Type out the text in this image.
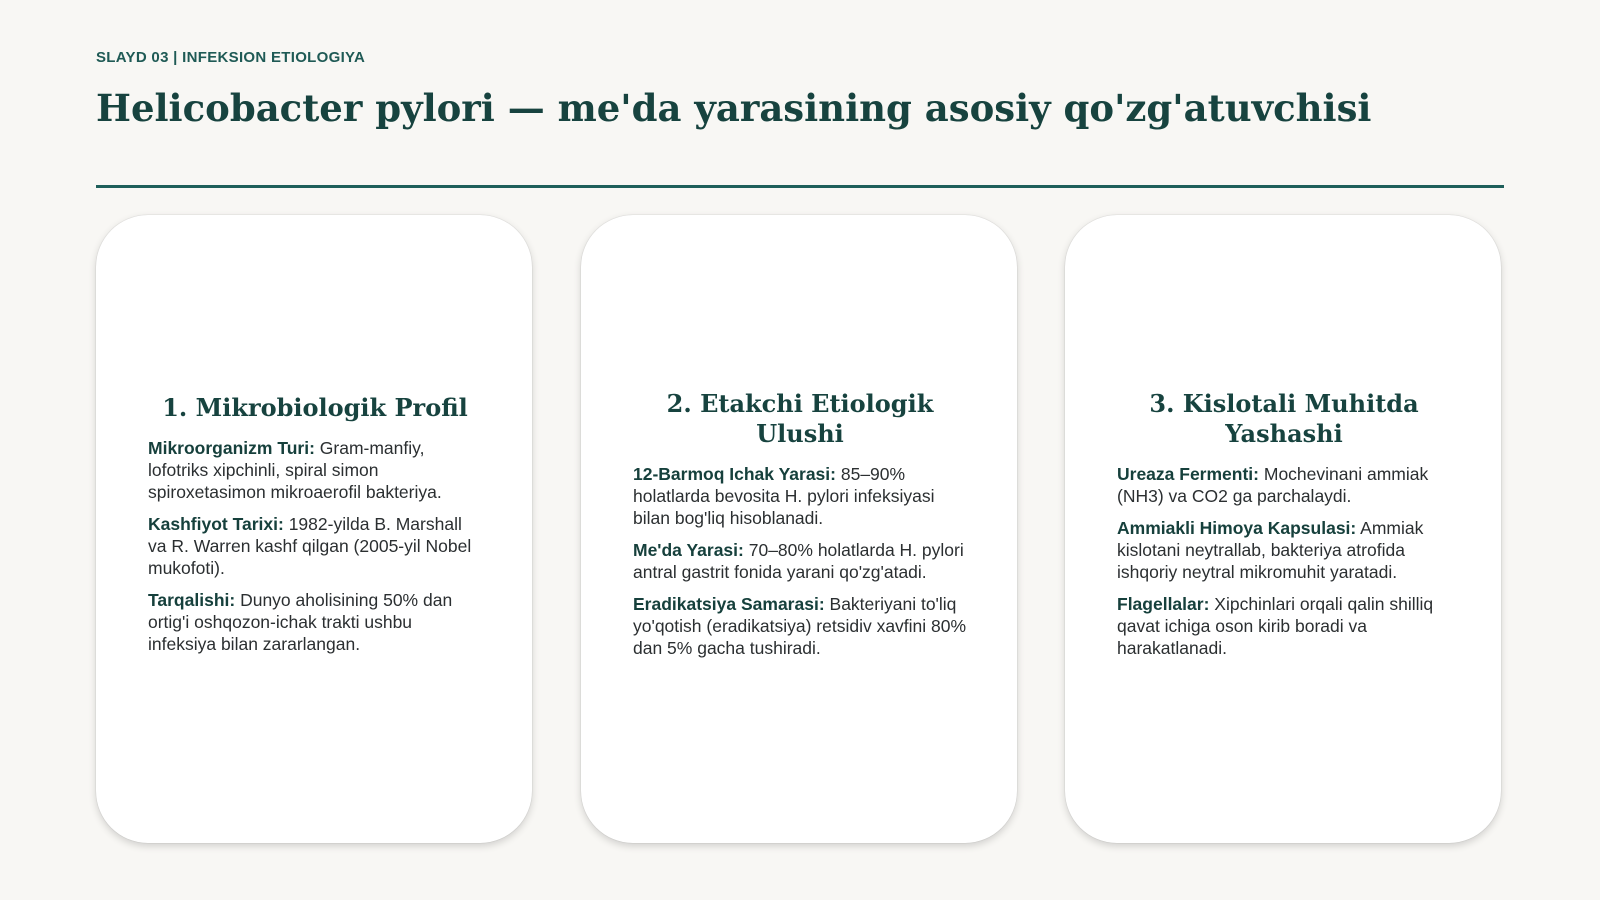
SLAYD 03 | INFEKSION ETIOLOGIYA
Helicobacter pylori — me'da yarasining asosiy qo'zg'atuvchisi
1. Mikrobiologik Profil

Mikroorganizm Turi: Gram-manfiy, lofotriks xipchinli, spiral simon spiroxetasimon mikroaerofil bakteriya.

Kashfiyot Tarixi: 1982-yilda B. Marshall va R. Warren kashf qilgan (2005-yil Nobel mukofoti).

Tarqalishi: Dunyo aholisining 50% dan ortig'i oshqozon-ichak trakti ushbu infeksiya bilan zararlangan.

2. Etakchi Etiologik Ulushi

12-Barmoq Ichak Yarasi: 85–90% holatlarda bevosita H. pylori infeksiyasi bilan bog'liq hisoblanadi.

Me'da Yarasi: 70–80% holatlarda H. pylori antral gastrit fonida yarani qo'zg'atadi.

Eradikatsiya Samarasi: Bakteriyani to'liq yo'qotish (eradikatsiya) retsidiv xavfini 80% dan 5% gacha tushiradi.

3. Kislotali Muhitda Yashashi

Ureaza Fermenti: Mochevinani ammiak (NH3) va CO2 ga parchalaydi.

Ammiakli Himoya Kapsulasi: Ammiak kislotani neytrallab, bakteriya atrofida ishqoriy neytral mikromuhit yaratadi.

Flagellalar: Xipchinlari orqali qalin shilliq qavat ichiga oson kirib boradi va harakatlanadi.
